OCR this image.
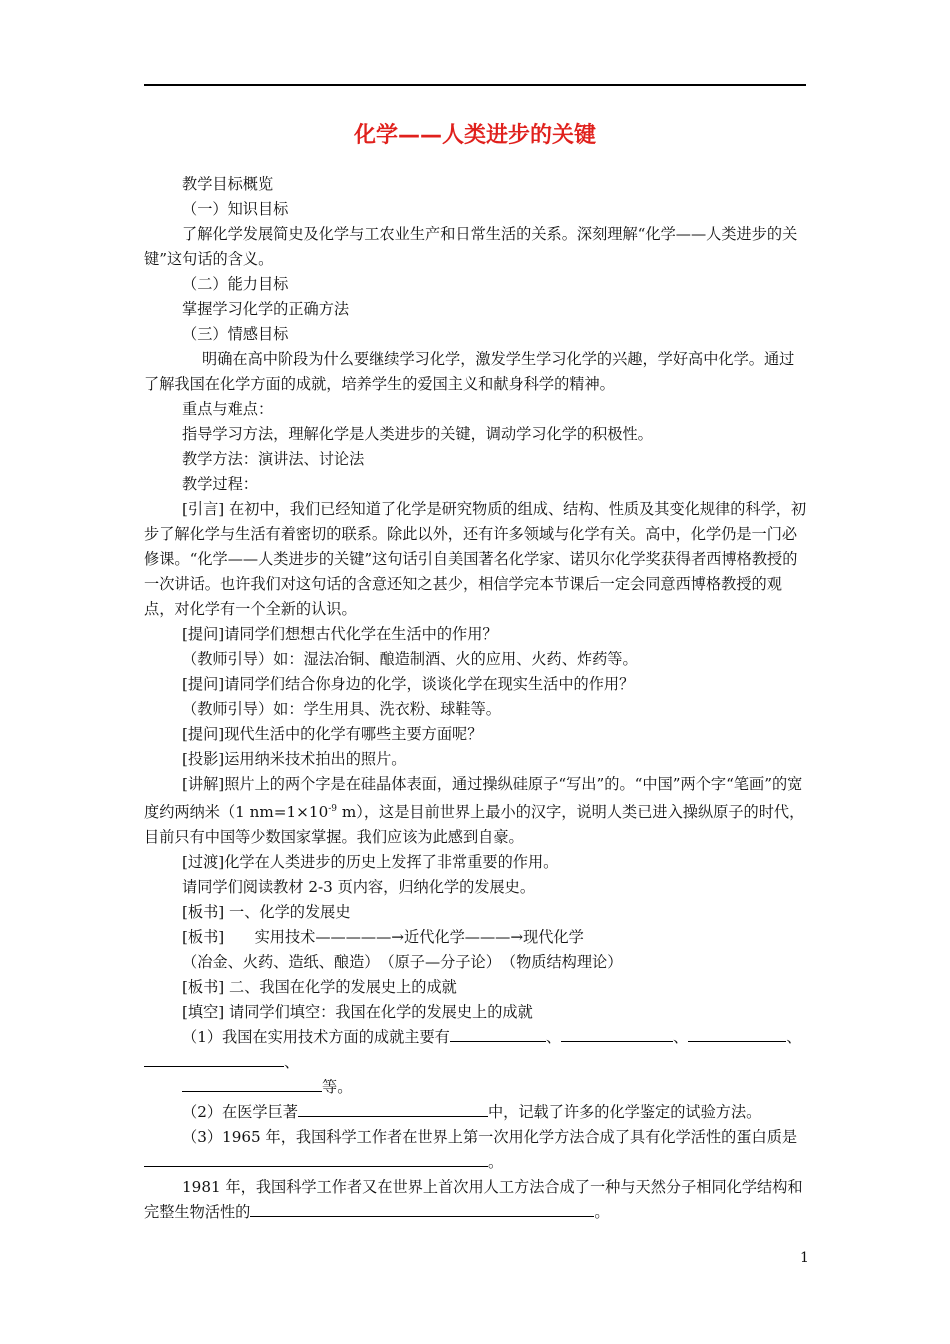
化学——人类进步的关键

教学目标概览

（一）知识目标

了解化学发展简史及化学与工农业生产和日常生活的关系。深刻理解“化学——人类进步的关键”这句话的含义。

（二）能力目标

掌握学习化学的正确方法

（三）情感目标

明确在高中阶段为什么要继续学习化学，激发学生学习化学的兴趣，学好高中化学。通过了解我国在化学方面的成就，培养学生的爱国主义和献身科学的精神。

重点与难点：

指导学习方法，理解化学是人类进步的关键，调动学习化学的积极性。

教学方法：演讲法、讨论法

教学过程：

[引言] 在初中，我们已经知道了化学是研究物质的组成、结构、性质及其变化规律的科学，初步了解化学与生活有着密切的联系。除此以外，还有许多领域与化学有关。高中，化学仍是一门必修课。“化学——人类进步的关键”这句话引自美国著名化学家、诺贝尔化学奖获得者西博格教授的一次讲话。也许我们对这句话的含意还知之甚少，相信学完本节课后一定会同意西博格教授的观点，对化学有一个全新的认识。

[提问]请同学们想想古代化学在生活中的作用？

（教师引导）如：湿法冶铜、酿造制酒、火的应用、火药、炸药等。

[提问]请同学们结合你身边的化学，谈谈化学在现实生活中的作用？

（教师引导）如：学生用具、洗衣粉、球鞋等。

[提问]现代生活中的化学有哪些主要方面呢？

[投影]运用纳米技术拍出的照片。

[讲解]照片上的两个字是在硅晶体表面，通过操纵硅原子“写出”的。“中国”两个字“笔画”的宽度约两纳米（1 $nm=1\times 10^{-9}$ m），这是目前世界上最小的汉字，说明人类已进入操纵原子的时代，目前只有中国等少数国家掌握。我们应该为此感到自豪。

[过渡]化学在人类进步的历史上发挥了非常重要的作用。

请同学们阅读教材 2-3 页内容，归纳化学的发展史。

[板书] 一、化学的发展史

[板书]　　实用技术—————→近代化学———→现代化学

（冶金、火药、造纸、酿造）　（原子—分子论）　（物质结构理论）

[板书] 二、我国在化学的发展史上的成就

[填空] 请同学们填空：我国在化学的发展史上的成就

（1）我国在实用技术方面的成就主要有	、	、	、

、

等。

（2）在医学巨著	中，记载了许多的化学鉴定的试验方法。

（3）1965 年，我国科学工作者在世界上第一次用化学方法合成了具有化学活性的蛋白质是。

1981 年，我国科学工作者又在世界上首次用人工方法合成了一种与天然分子相同化学结构和完整生物活性的	。

1
